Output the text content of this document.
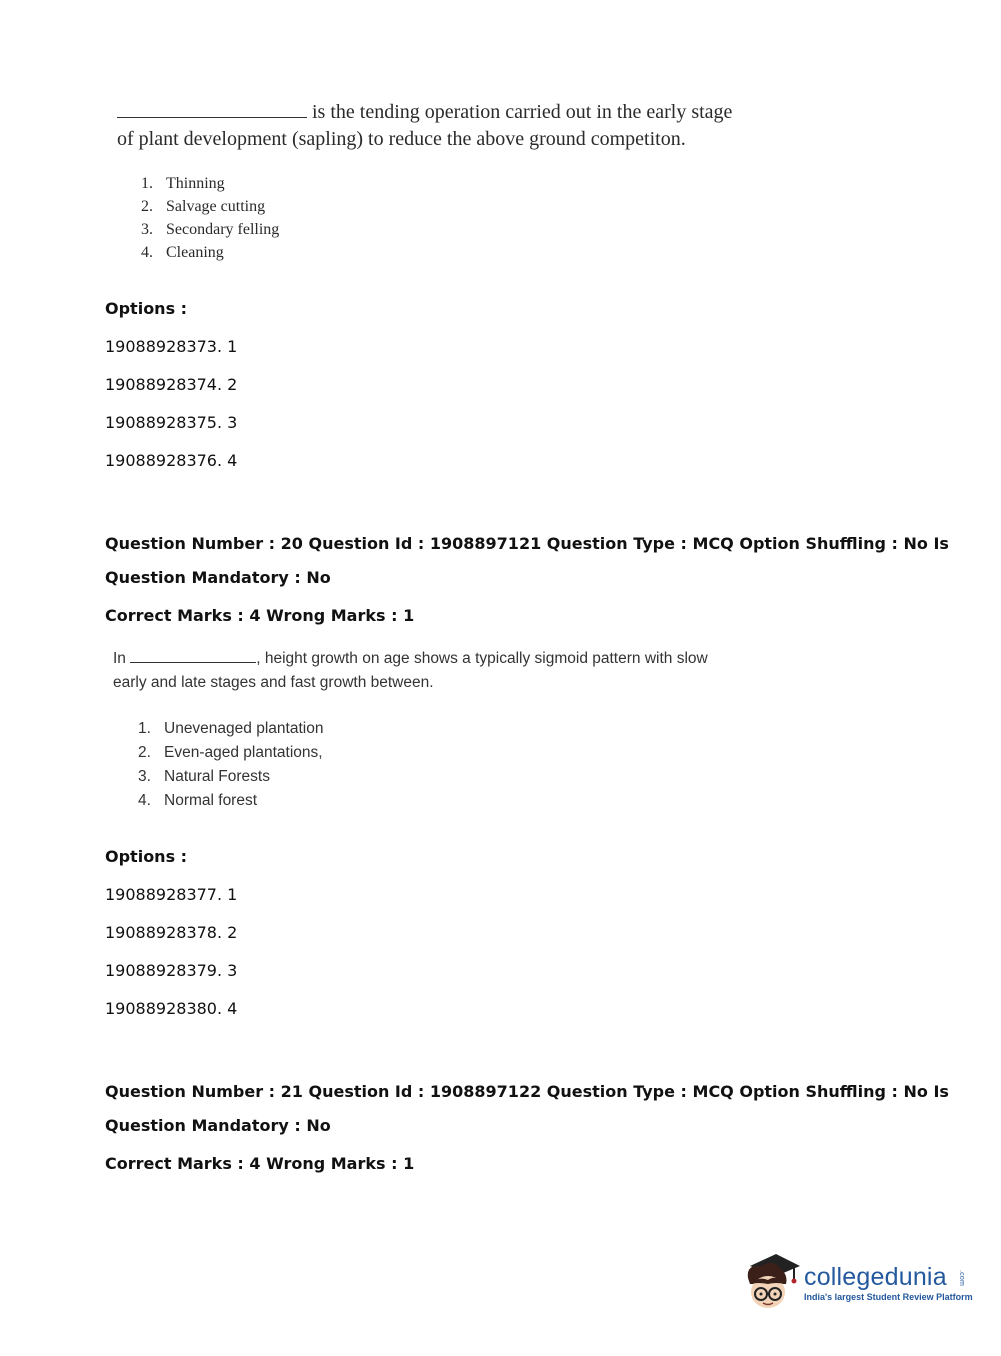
is the tending operation carried out in the early stage
of plant development (sapling) to reduce the above ground competiton.
1. Thinning
2. Salvage cutting
3. Secondary felling
4. Cleaning
Options :
19088928373. 1
19088928374. 2
19088928375. 3
19088928376. 4
Question Number : 20 Question Id : 1908897121 Question Type : MCQ Option Shuffling : No Is
Question Mandatory : No
Correct Marks : 4 Wrong Marks : 1
In	, height growth on age shows a typically sigmoid pattern with slow
early and late stages and fast growth between.
1. Unevenaged plantation
2. Even-aged plantations,
3. Natural Forests
4. Normal forest
Options :
19088928377. 1
19088928378. 2
19088928379. 3
19088928380. 4
Question Number : 21 Question Id : 1908897122 Question Type : MCQ Option Shuffling : No Is
Question Mandatory : No
Correct Marks : 4 Wrong Marks : 1
collegedunia .com
India's largest Student Review Platform
